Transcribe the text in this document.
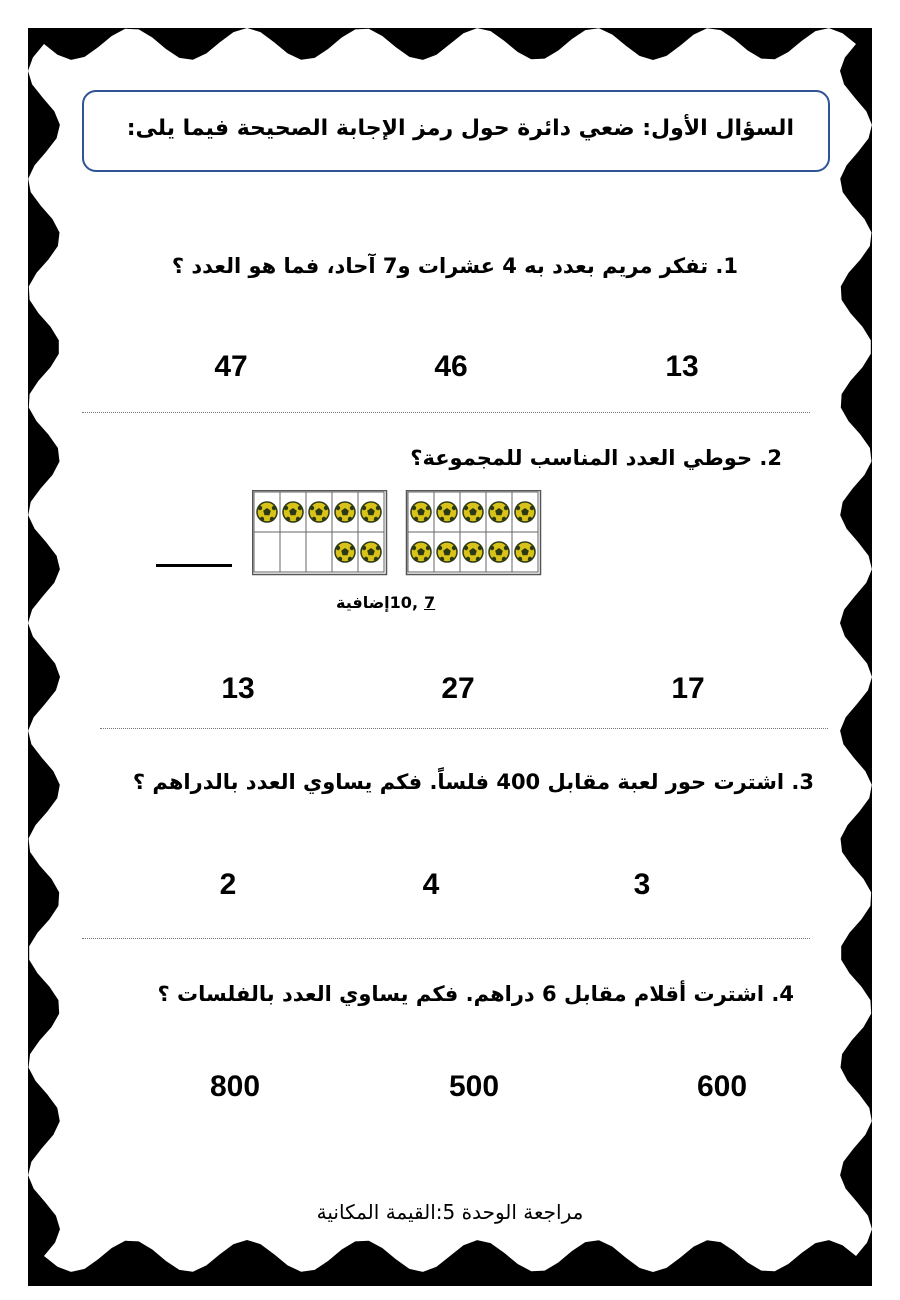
السؤال الأول: ضعي دائرة حول رمز الإجابة الصحيحة فيما يلى:
1. تفكر مريم بعدد به 4 عشرات و7 آحاد، فما هو العدد ؟
13
46
47
2. حوطي العدد المناسب للمجموعة؟
10, 7إضافية
17
27
13
3. اشترت حور لعبة مقابل 400 فلساً. فكم يساوي العدد بالدراهم ؟
3
4
2
4. اشترت أقلام مقابل 6 دراهم. فكم يساوي العدد بالفلسات ؟
600
500
800
مراجعة الوحدة 5:القيمة المكانية
